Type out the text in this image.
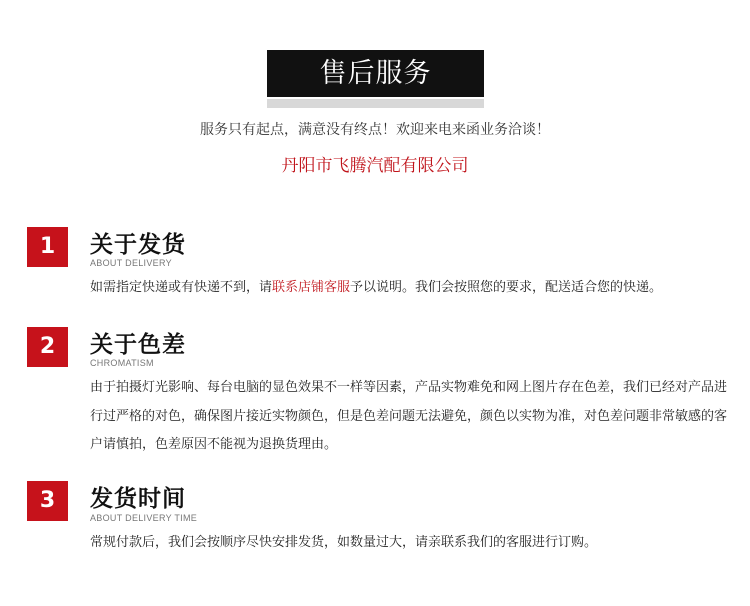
售后服务
服务只有起点，满意没有终点！欢迎来电来函业务洽谈！
丹阳市飞腾汽配有限公司
1	关于发货
ABOUT DELIVERY
如需指定快递或有快递不到，请联系店铺客服予以说明。我们会按照您的要求，配送适合您的快递。
2	关于色差
CHROMATISM
由于拍摄灯光影响、每台电脑的显色效果不一样等因素，产品实物难免和网上图片存在色差，我们已经对产品进行过严格的对色，确保图片接近实物颜色，但是色差问题无法避免，颜色以实物为准，对色差问题非常敏感的客户请慎拍，色差原因不能视为退换货理由。
3	发货时间
ABOUT DELIVERY TIME
常规付款后，我们会按顺序尽快安排发货，如数量过大，请亲联系我们的客服进行订购。
